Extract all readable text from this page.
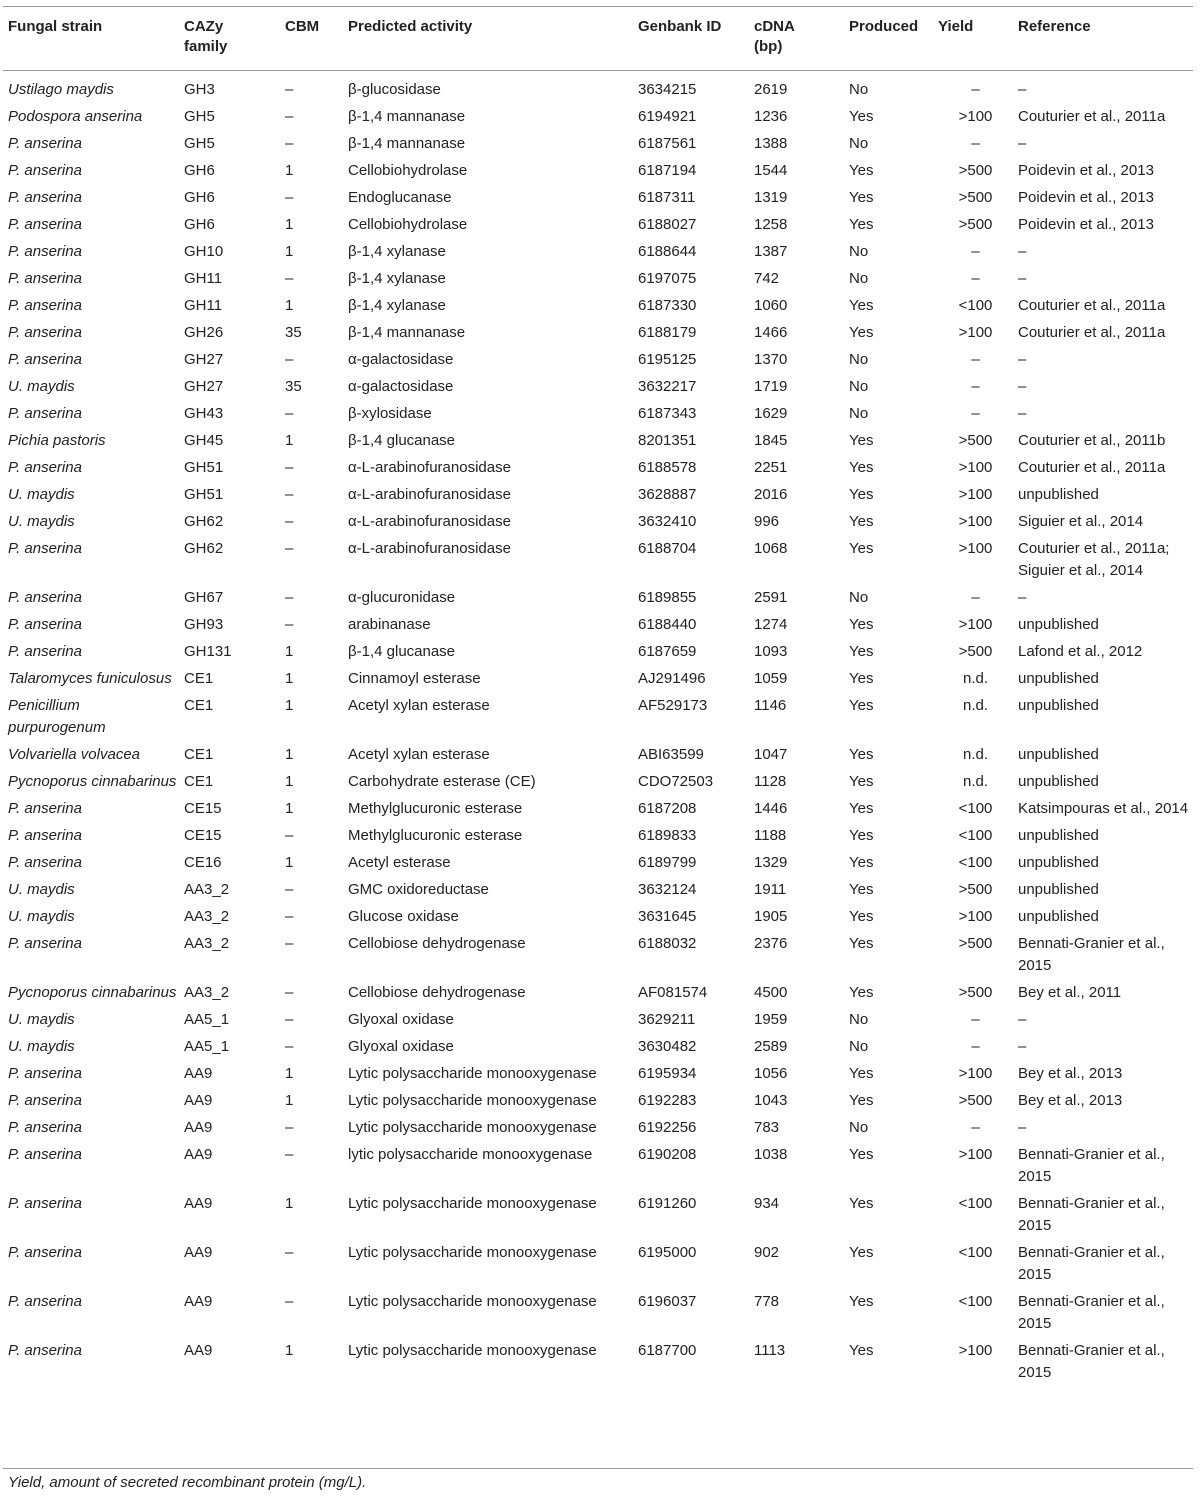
Fungal strain	CAZy family	CBM	Predicted activity	Genbank ID	cDNA (bp)	Produced	Yield	Reference
Ustilago maydis	GH3	–	β-glucosidase	3634215	2619	No	–	–
Podospora anserina	GH5	–	β-1,4 mannanase	6194921	1236	Yes	>100	Couturier et al., 2011a
P. anserina	GH5	–	β-1,4 mannanase	6187561	1388	No	–	–
P. anserina	GH6	1	Cellobiohydrolase	6187194	1544	Yes	>500	Poidevin et al., 2013
P. anserina	GH6	–	Endoglucanase	6187311	1319	Yes	>500	Poidevin et al., 2013
P. anserina	GH6	1	Cellobiohydrolase	6188027	1258	Yes	>500	Poidevin et al., 2013
P. anserina	GH10	1	β-1,4 xylanase	6188644	1387	No	–	–
P. anserina	GH11	–	β-1,4 xylanase	6197075	742	No	–	–
P. anserina	GH11	1	β-1,4 xylanase	6187330	1060	Yes	<100	Couturier et al., 2011a
P. anserina	GH26	35	β-1,4 mannanase	6188179	1466	Yes	>100	Couturier et al., 2011a
P. anserina	GH27	–	α-galactosidase	6195125	1370	No	–	–
U. maydis	GH27	35	α-galactosidase	3632217	1719	No	–	–
P. anserina	GH43	–	β-xylosidase	6187343	1629	No	–	–
Pichia pastoris	GH45	1	β-1,4 glucanase	8201351	1845	Yes	>500	Couturier et al., 2011b
P. anserina	GH51	–	α-L-arabinofuranosidase	6188578	2251	Yes	>100	Couturier et al., 2011a
U. maydis	GH51	–	α-L-arabinofuranosidase	3628887	2016	Yes	>100	unpublished
U. maydis	GH62	–	α-L-arabinofuranosidase	3632410	996	Yes	>100	Siguier et al., 2014
P. anserina	GH62	–	α-L-arabinofuranosidase	6188704	1068	Yes	>100	Couturier et al., 2011a; Siguier et al., 2014
P. anserina	GH67	–	α-glucuronidase	6189855	2591	No	–	–
P. anserina	GH93	–	arabinanase	6188440	1274	Yes	>100	unpublished
P. anserina	GH131	1	β-1,4 glucanase	6187659	1093	Yes	>500	Lafond et al., 2012
Talaromyces funiculosus	CE1	1	Cinnamoyl esterase	AJ291496	1059	Yes	n.d.	unpublished
Penicillium purpurogenum	CE1	1	Acetyl xylan esterase	AF529173	1146	Yes	n.d.	unpublished
Volvariella volvacea	CE1	1	Acetyl xylan esterase	ABI63599	1047	Yes	n.d.	unpublished
Pycnoporus cinnabarinus	CE1	1	Carbohydrate esterase (CE)	CDO72503	1128	Yes	n.d.	unpublished
P. anserina	CE15	1	Methylglucuronic esterase	6187208	1446	Yes	<100	Katsimpouras et al., 2014
P. anserina	CE15	–	Methylglucuronic esterase	6189833	1188	Yes	<100	unpublished
P. anserina	CE16	1	Acetyl esterase	6189799	1329	Yes	<100	unpublished
U. maydis	AA3_2	–	GMC oxidoreductase	3632124	1911	Yes	>500	unpublished
U. maydis	AA3_2	–	Glucose oxidase	3631645	1905	Yes	>100	unpublished
P. anserina	AA3_2	–	Cellobiose dehydrogenase	6188032	2376	Yes	>500	Bennati-Granier et al., 2015
Pycnoporus cinnabarinus	AA3_2	–	Cellobiose dehydrogenase	AF081574	4500	Yes	>500	Bey et al., 2011
U. maydis	AA5_1	–	Glyoxal oxidase	3629211	1959	No	–	–
U. maydis	AA5_1	–	Glyoxal oxidase	3630482	2589	No	–	–
P. anserina	AA9	1	Lytic polysaccharide monooxygenase	6195934	1056	Yes	>100	Bey et al., 2013
P. anserina	AA9	1	Lytic polysaccharide monooxygenase	6192283	1043	Yes	>500	Bey et al., 2013
P. anserina	AA9	–	Lytic polysaccharide monooxygenase	6192256	783	No	–	–
P. anserina	AA9	–	lytic polysaccharide monooxygenase	6190208	1038	Yes	>100	Bennati-Granier et al., 2015
P. anserina	AA9	1	Lytic polysaccharide monooxygenase	6191260	934	Yes	<100	Bennati-Granier et al., 2015
P. anserina	AA9	–	Lytic polysaccharide monooxygenase	6195000	902	Yes	<100	Bennati-Granier et al., 2015
P. anserina	AA9	–	Lytic polysaccharide monooxygenase	6196037	778	Yes	<100	Bennati-Granier et al., 2015
P. anserina	AA9	1	Lytic polysaccharide monooxygenase	6187700	1113	Yes	>100	Bennati-Granier et al., 2015
Yield, amount of secreted recombinant protein (mg/L).
